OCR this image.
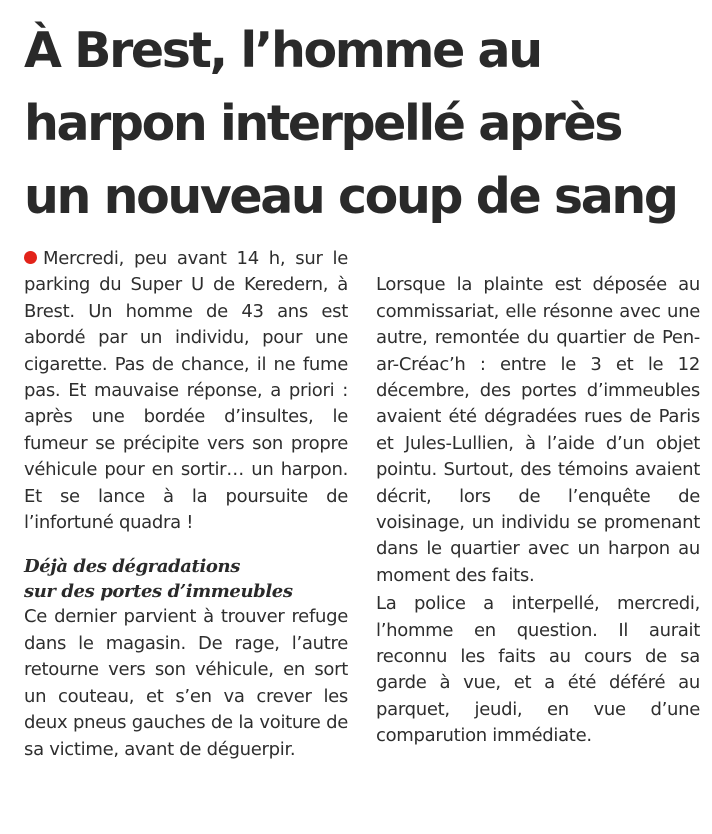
À Brest, l’homme au
harpon interpellé après
un nouveau coup de sang

Mercredi, peu avant 14 h, sur le parking du Super U de Keredern, à Brest. Un homme de 43 ans est abordé par un individu, pour une cigarette. Pas de chance, il ne fume pas. Et mauvaise réponse, a priori : après une bordée d’insultes, le fumeur se précipite vers son propre véhicule pour en sortir… un harpon. Et se lance à la poursuite de l’infortuné quadra !

Déjà des dégradations
sur des portes d’immeubles

Ce dernier parvient à trouver refuge dans le magasin. De rage, l’autre retourne vers son véhicule, en sort un couteau, et s’en va crever les deux pneus gauches de la voiture de sa victime, avant de déguerpir.

Lorsque la plainte est déposée au commissariat, elle résonne avec une autre, remontée du quartier de Pen-ar-Créac’h : entre le 3 et le 12 décembre, des portes d’immeubles avaient été dégradées rues de Paris et Jules-Lullien, à l’aide d’un objet pointu. Surtout, des témoins avaient décrit, lors de l’enquête de voisinage, un individu se promenant dans le quartier avec un harpon au moment des faits.

La police a interpellé, mercredi, l’homme en question. Il aurait reconnu les faits au cours de sa garde à vue, et a été déféré au parquet, jeudi, en vue d’une comparution immédiate.
